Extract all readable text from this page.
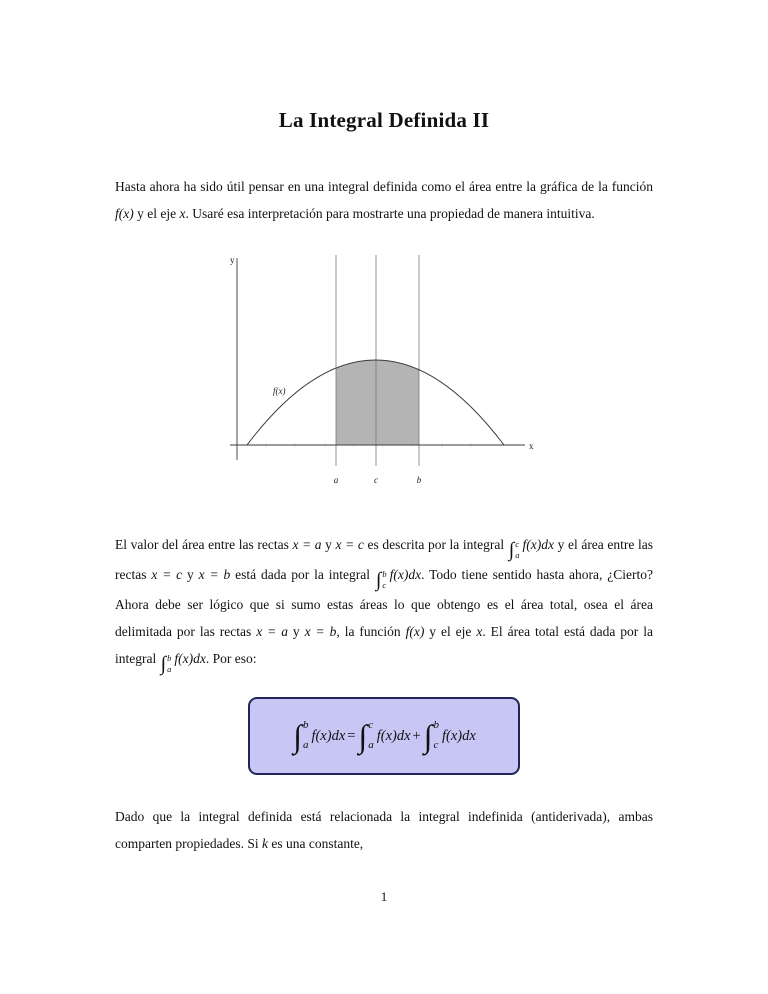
La Integral Definida II

Hasta ahora ha sido útil pensar en una integral definida como el área entre la gráfica de la función f(x) y el eje x. Usaré esa interpretación para mostrarte una propiedad de manera intuitiva.

y
x
f(x)
a	c	b

El valor del área entre las rectas x = a y x = c es descrita por la integral ∫ c
a
f(x)dx y el área entre las rectas x = c y x = b está dada por la integral ∫ b
c
f(x)dx. Todo tiene sentido hasta ahora, ¿Cierto? Ahora debe ser lógico que si sumo estas áreas lo que obtengo es el área total, osea el área delimitada por las rectas x = a y x = b, la función f(x) y el eje x. El área total está dada por la integral ∫ b
a
f(x)dx. Por eso:

∫ b
a
f(x)dx = ∫ c
a
f(x)dx + ∫ b
c
f(x)dx

Dado que la integral definida está relacionada la integral indefinida (antiderivada), ambas comparten propiedades. Si k es una constante,

1
